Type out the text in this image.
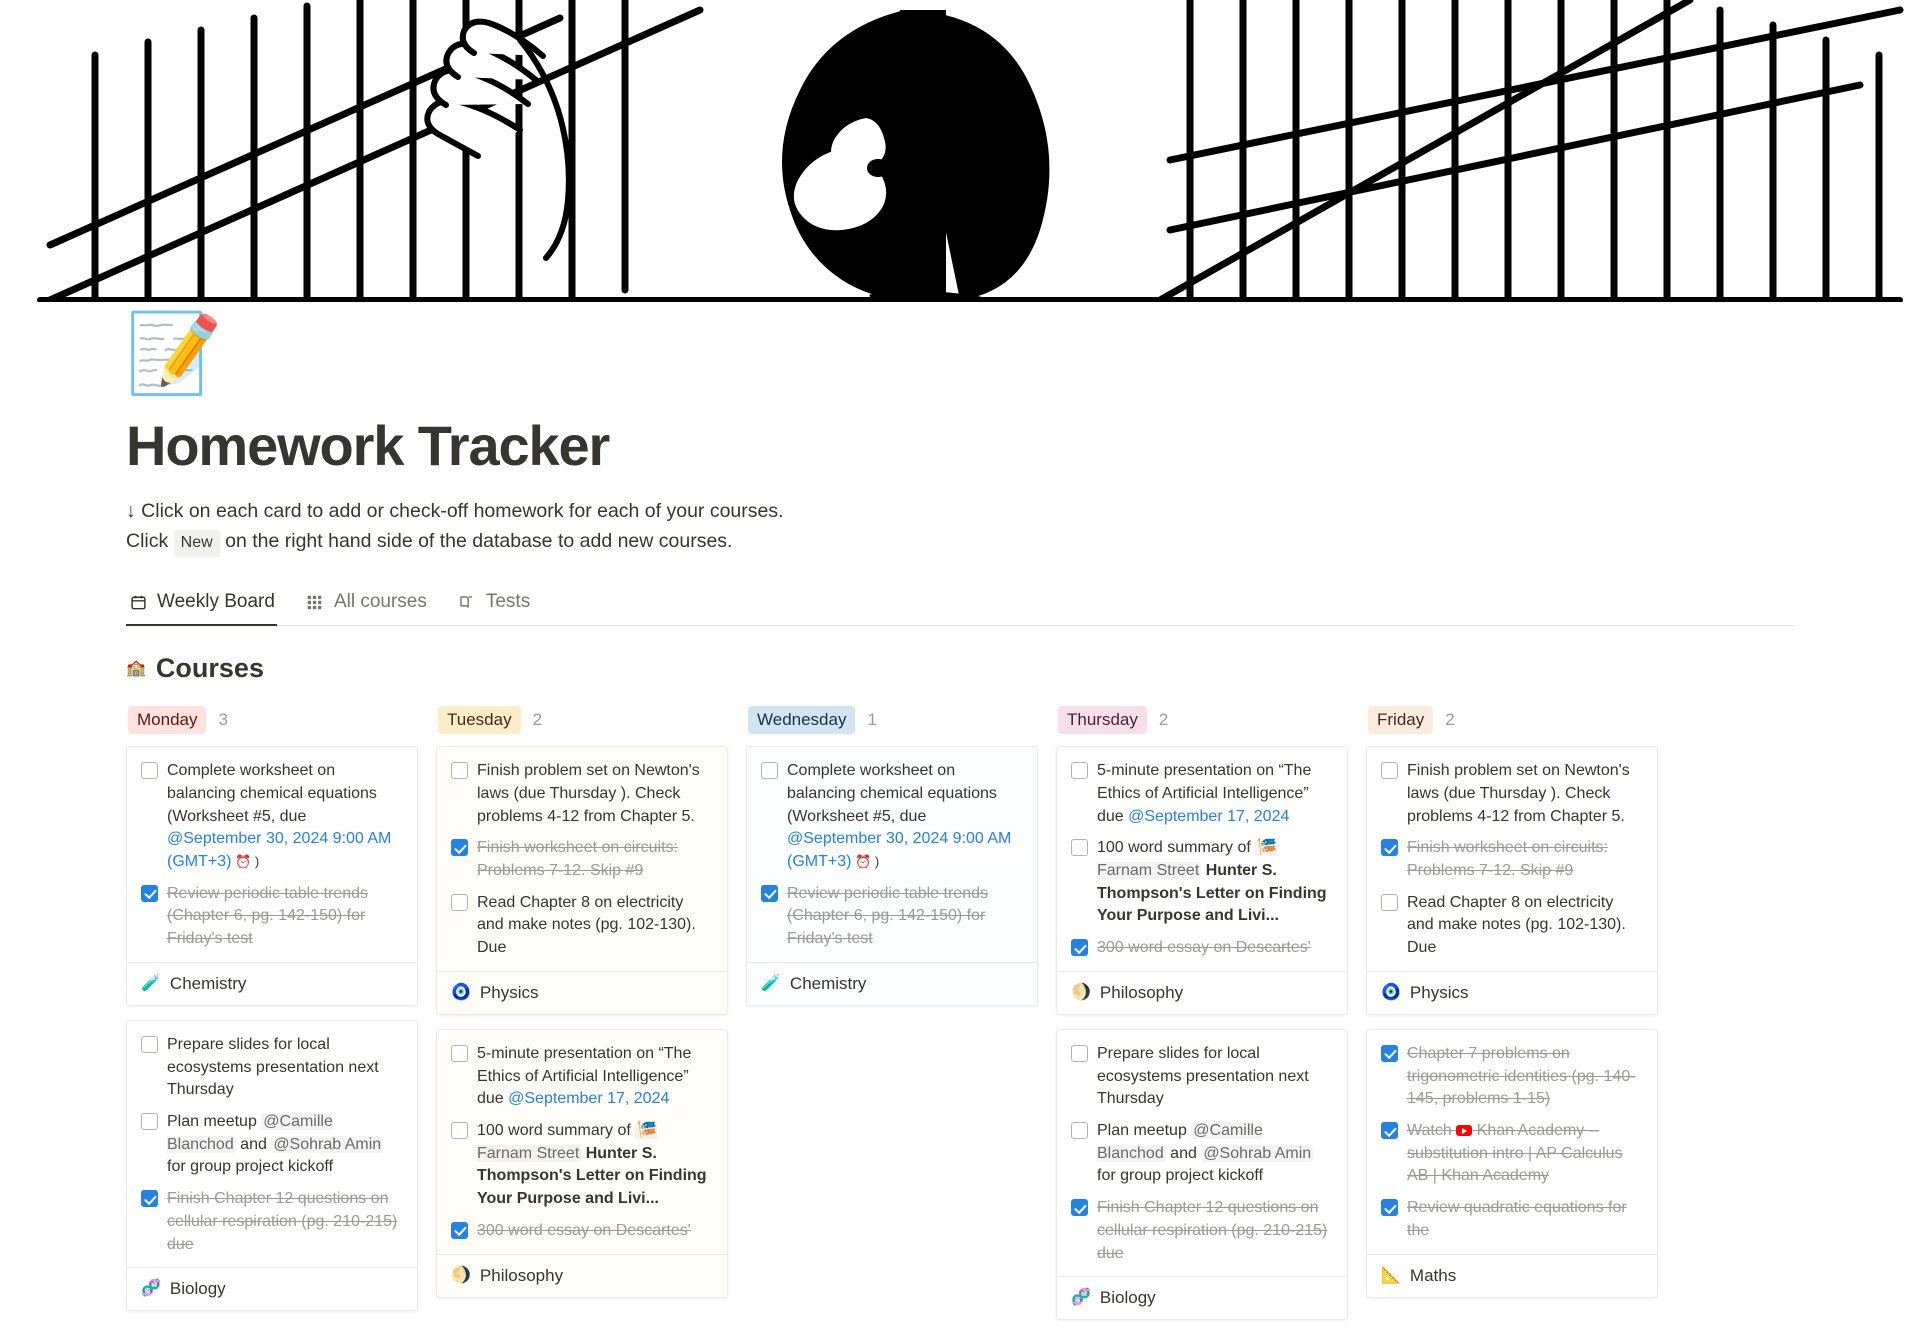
📝
Homework Tracker
↓ Click on each card to add or check-off homework for each of your courses.
Click New on the right hand side of the database to add new courses.
Weekly Board	All courses	Tests
🏫 Courses
Monday	3
Complete worksheet on balancing chemical equations (Worksheet #5, due @September 30, 2024 9:00 AM (GMT+3) ⏰ )
Review periodic table trends (Chapter 6, pg. 142-150) for Friday's test
🧪 Chemistry
Prepare slides for local ecosystems presentation next Thursday
Plan meetup @Camille Blanchod and @Sohrab Amin for group project kickoff
Finish Chapter 12 questions on cellular respiration (pg. 210-215) due
🧬 Biology
Tuesday	2
Finish problem set on Newton's laws (due Thursday ). Check problems 4-12 from Chapter 5.
Finish worksheet on circuits: Problems 7-12. Skip #9
Read Chapter 8 on electricity and make notes (pg. 102-130). Due
🧿 Physics
5-minute presentation on “The Ethics of Artificial Intelligence” due @September 17, 2024
100 word summary of 🎏 Farnam Street Hunter S. Thompson's Letter on Finding Your Purpose and Livi...
300 word essay on Descartes'
🌖 Philosophy
Wednesday	1
Complete worksheet on balancing chemical equations (Worksheet #5, due @September 30, 2024 9:00 AM (GMT+3) ⏰ )
Review periodic table trends (Chapter 6, pg. 142-150) for Friday's test
🧪 Chemistry
Thursday	2
5-minute presentation on “The Ethics of Artificial Intelligence” due @September 17, 2024
100 word summary of 🎏 Farnam Street Hunter S. Thompson's Letter on Finding Your Purpose and Livi...
300 word essay on Descartes'
🌖 Philosophy
Prepare slides for local ecosystems presentation next Thursday
Plan meetup @Camille Blanchod and @Sohrab Amin for group project kickoff
Finish Chapter 12 questions on cellular respiration (pg. 210-215) due
🧬 Biology
Friday	2
Finish problem set on Newton's laws (due Thursday ). Check problems 4-12 from Chapter 5.
Finish worksheet on circuits: Problems 7-12. Skip #9
Read Chapter 8 on electricity and make notes (pg. 102-130). Due
🧿 Physics
Chapter 7 problems on trigonometric identities (pg. 140-145, problems 1-15)
Watch  Khan Academy -- substitution intro | AP Calculus AB | Khan Academy
Review quadratic equations for the
📐 Maths
